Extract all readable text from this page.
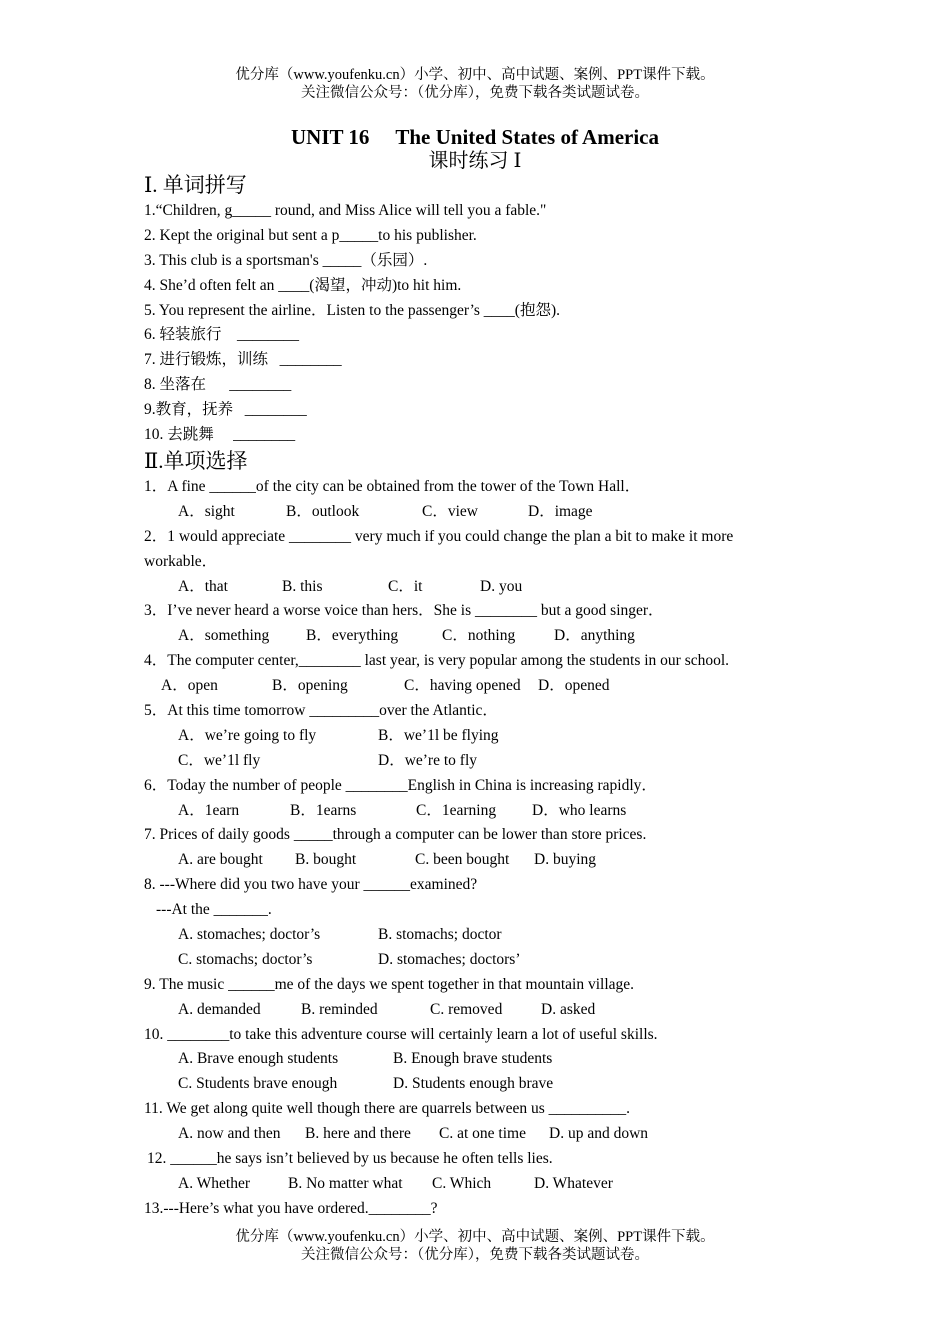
优分库（www.youfenku.cn）小学、初中、高中试题、案例、PPT课件下载。
关注微信公众号：（优分库），免费下载各类试题试卷。
UNIT 16 The United States of America
课时练习 Ⅰ
Ⅰ. 单词拼写
1.“Children, g_____ round, and Miss Alice will tell you a fable."
2. Kept the original but sent a p_____to his publisher.
3. This club is a sportsman's _____（乐园）.
4. She’d often felt an ____(渴望，冲动)to hit him.
5. You represent the airline．Listen to the passenger’s ____(抱怨).
6. 轻装旅行    ________
7. 进行锻炼，训练   ________
8. 坐落在      ________
9.教育，抚养   ________
10. 去跳舞     ________
Ⅱ.单项选择
1．A fine ______of the city can be obtained from the tower of the Town Hall．
A．sight	B．outlook	C．view	D．image
2．1 would appreciate ________ very much if you could change the plan a bit to make it more workable．
A．that	B. this	C．it	D. you
3．I’ve never heard a worse voice than hers．She is ________ but a good singer．
A．something B．everything	C．nothing	D．anything
4．The computer center,________ last year, is very popular among the students in our school.
A．open	B．opening	C．having opened D．opened
5．At this time tomorrow _________over the Atlantic．
A．we’re going to fly	B．we’1l be flying
C．we’1l fly	D．we’re to fly
6．Today the number of people ________English in China is increasing rapidly．
A．1earn	B．1earns	C．1earning D．who learns
7. Prices of daily goods _____through a computer can be lower than store prices.
A. are bought B. bought	C. been bought D. buying
8. ---Where did you two have your ______examined?
---At the _______.
A. stomaches; doctor’s	B. stomachs; doctor
C. stomachs; doctor’s	D. stomaches; doctors’
9. The music ______me of the days we spent together in that mountain village.
A. demanded	B. reminded	C. removed D. asked
10. ________to take this adventure course will certainly learn a lot of useful skills.
A. Brave enough students	B. Enough brave students
C. Students brave enough	D. Students enough brave
11. We get along quite well though there are quarrels between us __________.
A. now and then B. here and there C. at one time D. up and down
12. ______he says isn’t believed by us because he often tells lies.
A. Whether B. No matter what C. Which	D. Whatever
13.---Here’s what you have ordered.________?
优分库（www.youfenku.cn）小学、初中、高中试题、案例、PPT课件下载。
关注微信公众号：（优分库），免费下载各类试题试卷。
